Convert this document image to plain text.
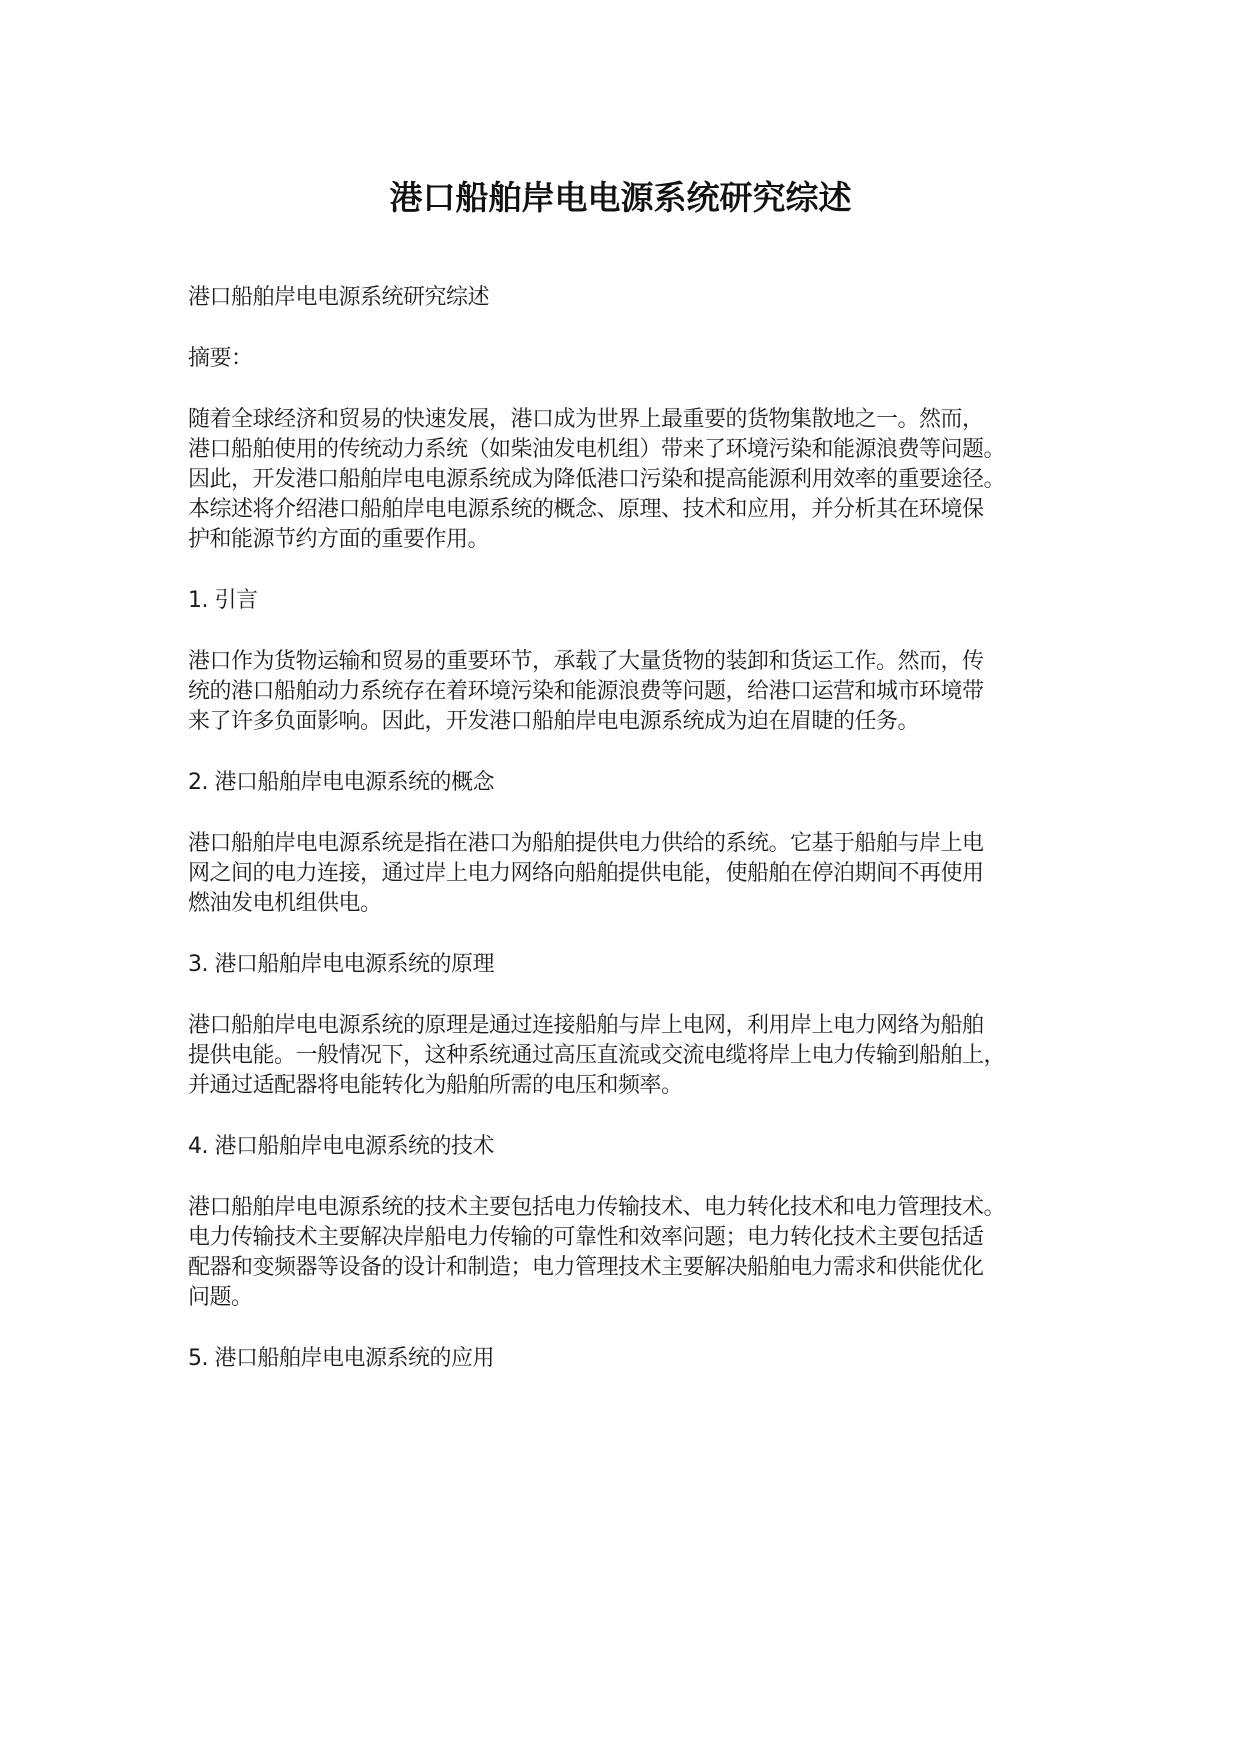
港口船舶岸电电源系统研究综述

港口船舶岸电电源系统研究综述

摘要：

随着全球经济和贸易的快速发展，港口成为世界上最重要的货物集散地之一。然而，

港口船舶使用的传统动力系统（如柴油发电机组）带来了环境污染和能源浪费等问题。

因此，开发港口船舶岸电电源系统成为降低港口污染和提高能源利用效率的重要途径。

本综述将介绍港口船舶岸电电源系统的概念、原理、技术和应用，并分析其在环境保

护和能源节约方面的重要作用。

1. 引言

港口作为货物运输和贸易的重要环节，承载了大量货物的装卸和货运工作。然而，传

统的港口船舶动力系统存在着环境污染和能源浪费等问题，给港口运营和城市环境带

来了许多负面影响。因此，开发港口船舶岸电电源系统成为迫在眉睫的任务。

2. 港口船舶岸电电源系统的概念

港口船舶岸电电源系统是指在港口为船舶提供电力供给的系统。它基于船舶与岸上电

网之间的电力连接，通过岸上电力网络向船舶提供电能，使船舶在停泊期间不再使用

燃油发电机组供电。

3. 港口船舶岸电电源系统的原理

港口船舶岸电电源系统的原理是通过连接船舶与岸上电网，利用岸上电力网络为船舶

提供电能。一般情况下，这种系统通过高压直流或交流电缆将岸上电力传输到船舶上，

并通过适配器将电能转化为船舶所需的电压和频率。

4. 港口船舶岸电电源系统的技术

港口船舶岸电电源系统的技术主要包括电力传输技术、电力转化技术和电力管理技术。

电力传输技术主要解决岸船电力传输的可靠性和效率问题；电力转化技术主要包括适

配器和变频器等设备的设计和制造；电力管理技术主要解决船舶电力需求和供能优化

问题。

5. 港口船舶岸电电源系统的应用
